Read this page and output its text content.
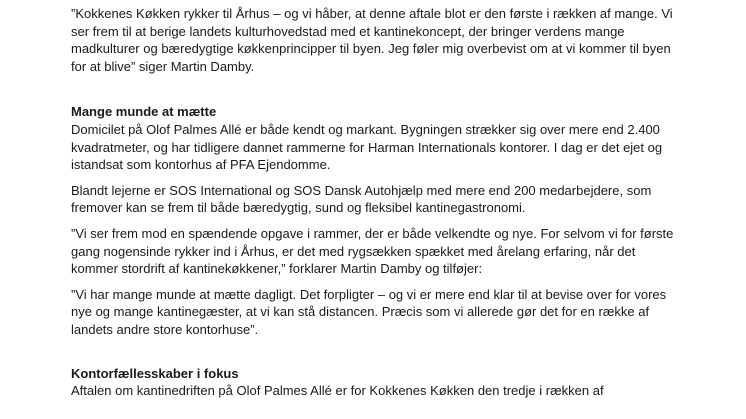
”Kokkenes Køkken rykker til Århus – og vi håber, at denne aftale blot er den første i rækken af mange. Vi ser frem til at berige landets kulturhovedstad med et kantinekoncept, der bringer verdens mange madkulturer og bæredygtige køkkenprincipper til byen. Jeg føler mig overbevist om at vi kommer til byen for at blive” siger Martin Damby.

Mange munde at mætte

Domicilet på Olof Palmes Allé er både kendt og markant. Bygningen strækker sig over mere end 2.400 kvadratmeter, og har tidligere dannet rammerne for Harman Internationals kontorer. I dag er det ejet og istandsat som kontorhus af PFA Ejendomme.

Blandt lejerne er SOS International og SOS Dansk Autohjælp med mere end 200 medarbejdere, som fremover kan se frem til både bæredygtig, sund og fleksibel kantinegastronomi.

”Vi ser frem mod en spændende opgave i rammer, der er både velkendte og nye. For selvom vi for første gang nogensinde rykker ind i Århus, er det med rygsækken spækket med årelang erfaring, når det kommer stordrift af kantinekøkkener,” forklarer Martin Damby og tilføjer:

”Vi har mange munde at mætte dagligt. Det forpligter – og vi er mere end klar til at bevise over for vores nye og mange kantinegæster, at vi kan stå distancen. Præcis som vi allerede gør det for en række af landets andre store kontorhuse”.

Kontorfællesskaber i fokus

Aftalen om kantinedriften på Olof Palmes Allé er for Kokkenes Køkken den tredje i rækken af
